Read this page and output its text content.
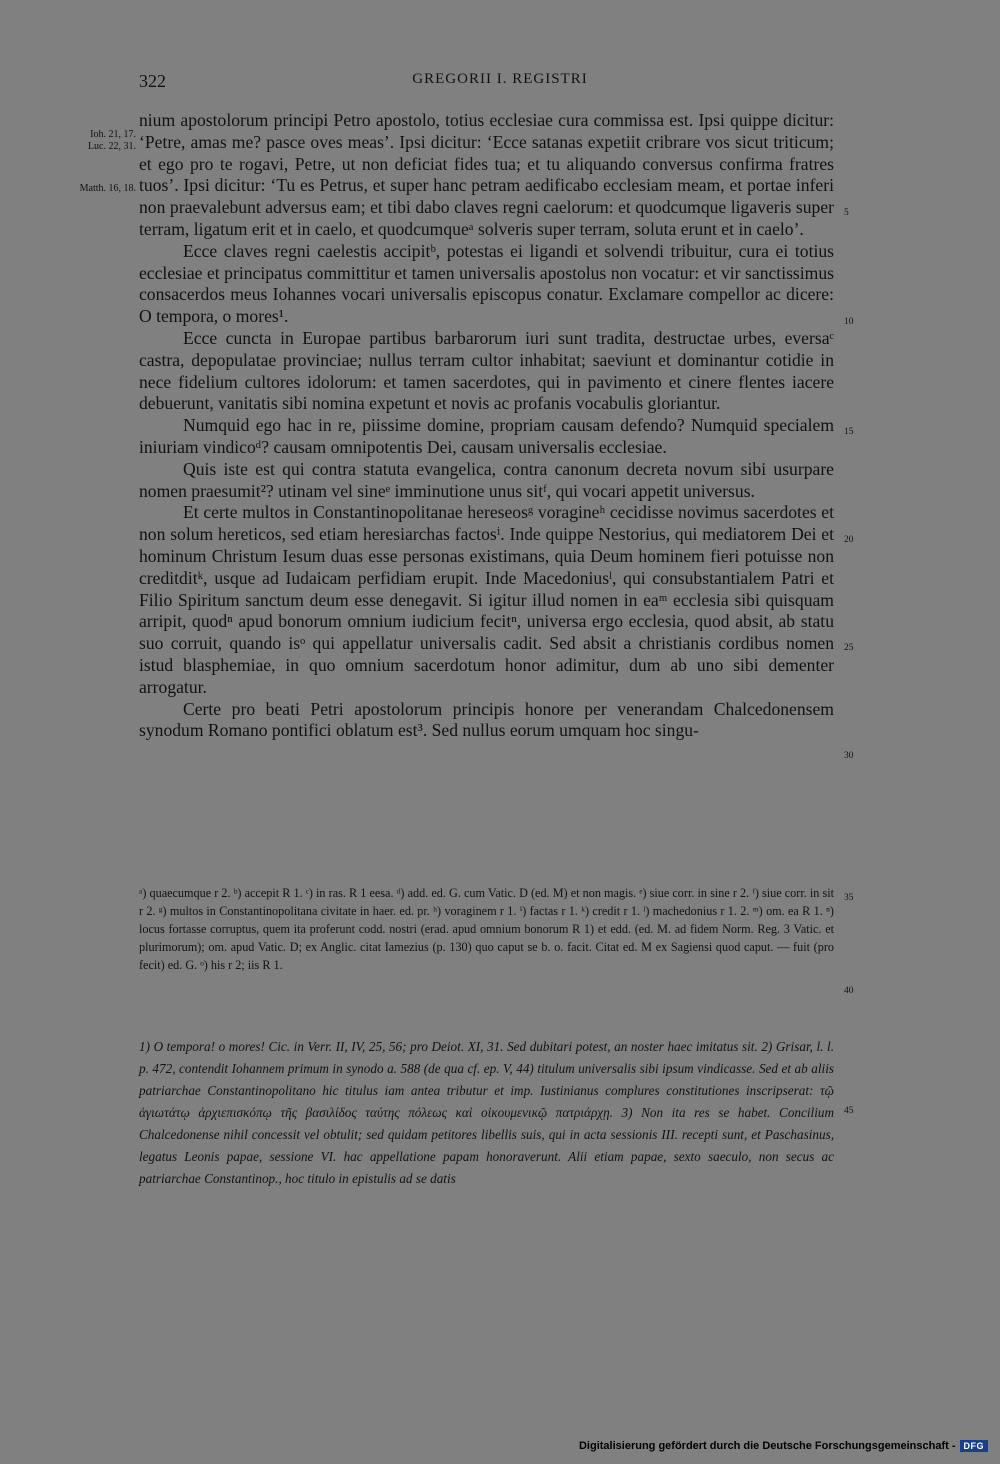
322	GREGORII I. REGISTRI
Ioh. 21, 17.
Luc. 22, 31.
Matth. 16, 18.
5
10
15
20
25
30
35
40
45

nium apostolorum principi Petro apostolo, totius ecclesiae cura commissa est. Ipsi quippe dicitur: ‘Petre, amas me? pasce oves meas’. Ipsi dicitur: ‘Ecce satanas expetiit cribrare vos sicut triticum; et ego pro te rogavi, Petre, ut non deficiat fides tua; et tu aliquando conversus confirma fratres tuos’. Ipsi dicitur: ‘Tu es Petrus, et super hanc petram aedificabo ecclesiam meam, et portae inferi non praevalebunt adversus eam; et tibi dabo claves regni caelorum: et quodcumque ligaveris super terram, ligatum erit et in caelo, et quodcumqueᵃ solveris super terram, soluta erunt et in caelo’.

Ecce claves regni caelestis accipitᵇ, potestas ei ligandi et solvendi tribuitur, cura ei totius ecclesiae et principatus committitur et tamen universalis apostolus non vocatur: et vir sanctissimus consacerdos meus Iohannes vocari universalis episcopus conatur. Exclamare compellor ac dicere: O tempora, o mores¹.

Ecce cuncta in Europae partibus barbarorum iuri sunt tradita, destructae urbes, eversaᶜ castra, depopulatae provinciae; nullus terram cultor inhabitat; saeviunt et dominantur cotidie in nece fidelium cultores idolorum: et tamen sacerdotes, qui in pavimento et cinere flentes iacere debuerunt, vanitatis sibi nomina expetunt et novis ac profanis vocabulis gloriantur.

Numquid ego hac in re, piissime domine, propriam causam defendo? Numquid specialem iniuriam vindicoᵈ? causam omnipotentis Dei, causam universalis ecclesiae.

Quis iste est qui contra statuta evangelica, contra canonum decreta novum sibi usurpare nomen praesumit²? utinam vel sineᵉ imminutione unus sitᶠ, qui vocari appetit universus.

Et certe multos in Constantinopolitanae hereseosᵍ voragineʰ cecidisse novimus sacerdotes et non solum hereticos, sed etiam heresiarchas factosⁱ. Inde quippe Nestorius, qui mediatorem Dei et hominum Christum Iesum duas esse personas existimans, quia Deum hominem fieri potuisse non creditditᵏ, usque ad Iudaicam perfidiam erupit. Inde Macedoniusˡ, qui consubstantialem Patri et Filio Spiritum sanctum deum esse denegavit. Si igitur illud nomen in eaᵐ ecclesia sibi quisquam arripit, quodⁿ apud bonorum omnium iudicium fecitⁿ, universa ergo ecclesia, quod absit, ab statu suo corruit, quando isᵒ qui appellatur universalis cadit. Sed absit a christianis cordibus nomen istud blasphemiae, in quo omnium sacerdotum honor adimitur, dum ab uno sibi dementer arrogatur.

Certe pro beati Petri apostolorum principis honore per venerandam Chalcedonensem synodum Romano pontifici oblatum est³. Sed nullus eorum umquam hoc singu-

ᵃ) quaecumque r 2. ᵇ) accepit R 1. ᶜ) in ras. R 1 eesa. ᵈ) add. ed. G. cum Vatic. D (ed. M) et non magis. ᵉ) siue corr. in sine r 2. ᶠ) siue corr. in sit r 2. ᵍ) multos in Constantinopolitana civitate in haer. ed. pr. ʰ) voraginem r 1. ⁱ) factas r 1. ᵏ) credit r 1. ˡ) machedonius r 1. 2. ᵐ) om. ea R 1. ⁿ) locus fortasse corruptus, quem ita proferunt codd. nostri (erad. apud omnium bonorum R 1) et edd. (ed. M. ad fidem Norm. Reg. 3 Vatic. et plurimorum); om. apud Vatic. D; ex Anglic. citat Iamezius (p. 130) quo caput se b. o. facit. Citat ed. M ex Sagiensi quod caput. — fuit (pro fecit) ed. G. ᵒ) his r 2; iis R 1.

1) O tempora! o mores! Cic. in Verr. II, IV, 25, 56; pro Deiot. XI, 31. Sed dubitari potest, an noster haec imitatus sit. 2) Grisar, l. l. p. 472, contendit Iohannem primum in synodo a. 588 (de qua cf. ep. V, 44) titulum universalis sibi ipsum vindicasse. Sed et ab aliis patriarchae Constantinopolitano hic titulus iam antea tributur et imp. Iustinianus complures constitutiones inscripserat: τῷ ἁγιωτάτῳ ἀρχιεπισκόπῳ τῆς βασιλίδος ταύτης πόλεως καὶ οἰκουμενικῷ πατριάρχῃ. 3) Non ita res se habet. Concilium Chalcedonense nihil concessit vel obtulit; sed quidam petitores libellis suis, qui in acta sessionis III. recepti sunt, et Paschasinus, legatus Leonis papae, sessione VI. hac appellatione papam honoraverunt. Alii etiam papae, sexto saeculo, non secus ac patriarchae Constantinop., hoc titulo in epistulis ad se datis

Digitalisierung gefördert durch die Deutsche Forschungsgemeinschaft - DFG
